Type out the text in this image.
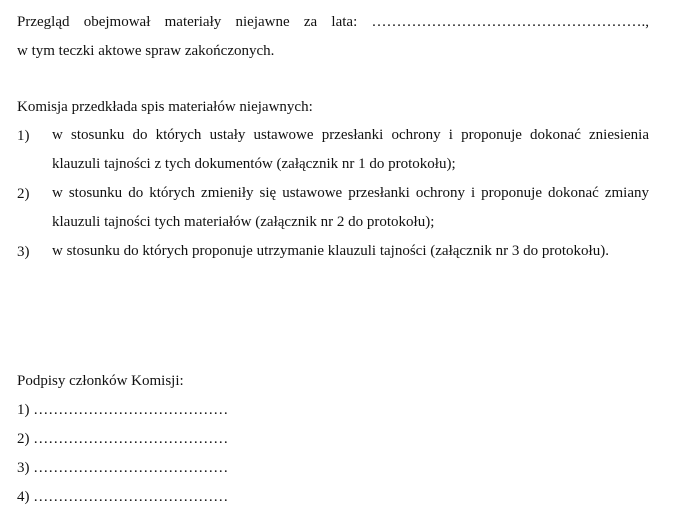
Przegląd obejmował materiały niejawne za lata: ……………………………………………….,
w tym teczki aktowe spraw zakończonych.
Komisja przedkłada spis materiałów niejawnych:
1) w stosunku do których ustały ustawowe przesłanki ochrony i proponuje dokonać zniesienia klauzuli tajności z tych dokumentów (załącznik nr 1 do protokołu);
2) w stosunku do których zmieniły się ustawowe przesłanki ochrony i proponuje dokonać zmiany klauzuli tajności tych materiałów (załącznik nr 2 do protokołu);
3) w stosunku do których proponuje utrzymanie klauzuli tajności (załącznik nr 3 do protokołu).
Podpisy członków Komisji:
1) …………………………………
2) …………………………………
3) …………………………………
4) …………………………………
